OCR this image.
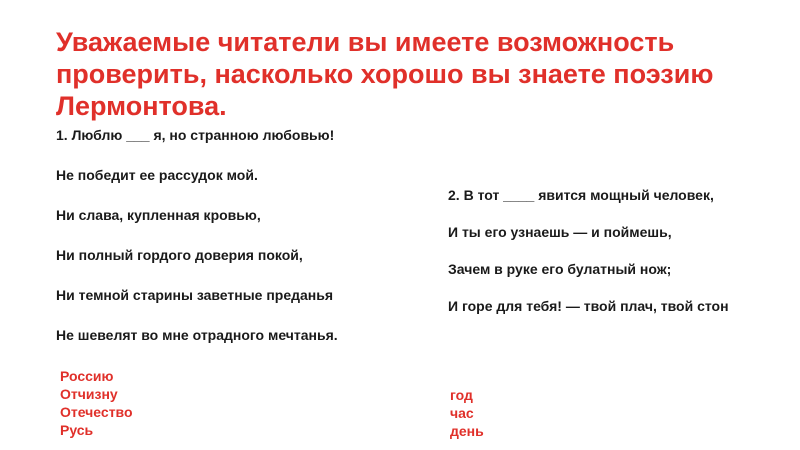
Уважаемые читатели вы имеете возможность проверить, насколько хорошо вы знаете поэзию Лермонтова.

1. Люблю ___ я, но странною любовью!

Не победит ее рассудок мой.

Ни слава, купленная кровью,

Ни полный гордого доверия покой,

Ни темной старины заветные преданья

Не шевелят во мне отрадного мечтанья.

Россию
Отчизну
Отечество
Русь

2. В тот ____ явится мощный человек,

И ты его узнаешь — и поймешь,

Зачем в руке его булатный нож;

И горе для тебя! — твой плач, твой стон

год
час
день
